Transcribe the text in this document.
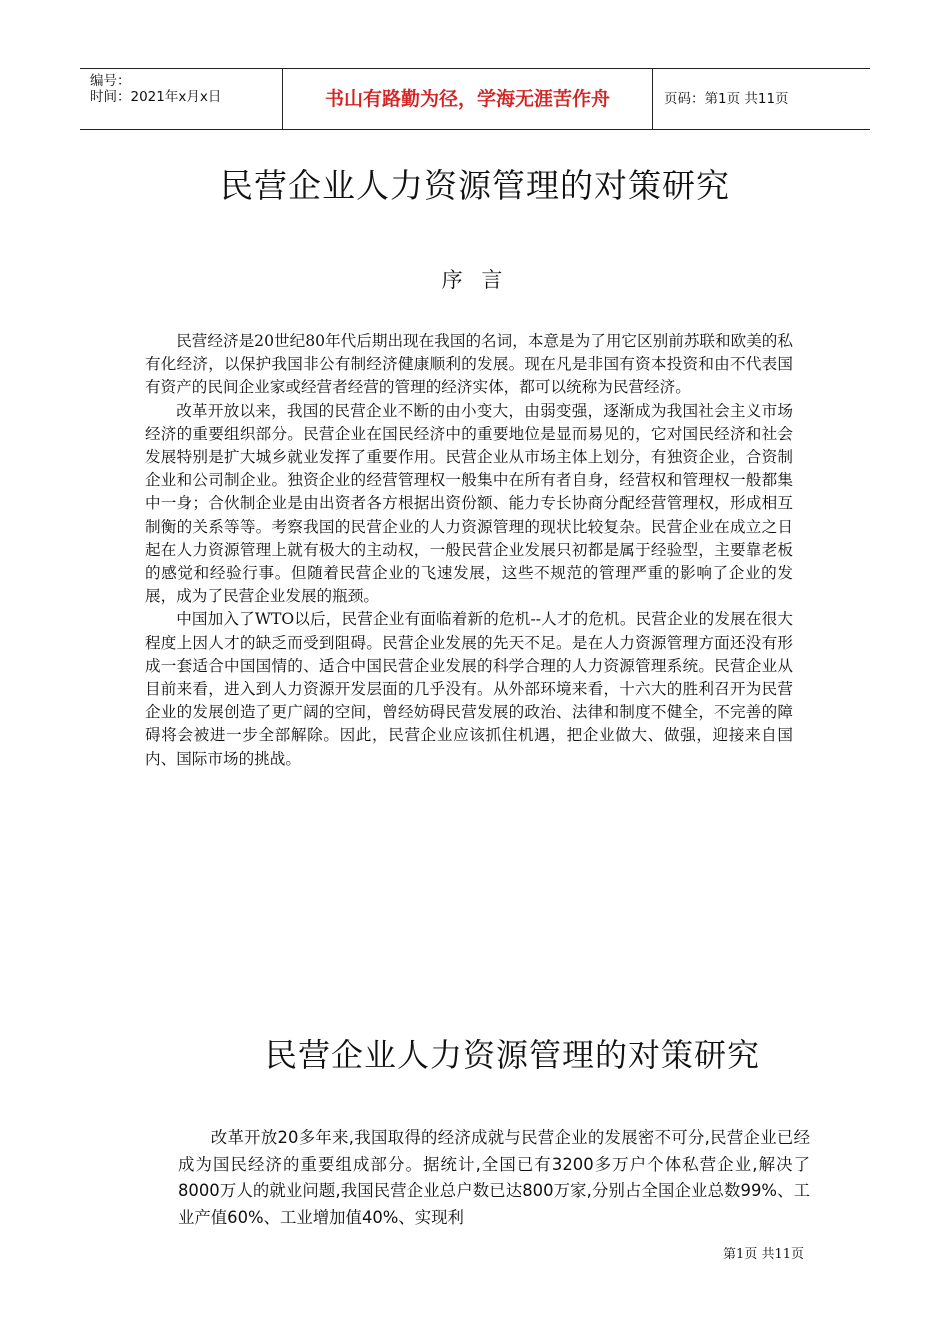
编号：
时间：2021年x月x日	书山有路勤为径，学海无涯苦作舟	页码：第1页 共11页
民营企业人力资源管理的对策研究
序 言

民营经济是20世纪80年代后期出现在我国的名词，本意是为了用它区别前苏联和欧美的私有化经济，以保护我国非公有制经济健康顺利的发展。现在凡是非国有资本投资和由不代表国有资产的民间企业家或经营者经营的管理的经济实体，都可以统称为民营经济。

改革开放以来，我国的民营企业不断的由小变大，由弱变强，逐渐成为我国社会主义市场经济的重要组织部分。民营企业在国民经济中的重要地位是显而易见的，它对国民经济和社会发展特别是扩大城乡就业发挥了重要作用。民营企业从市场主体上划分，有独资企业，合资制企业和公司制企业。独资企业的经营管理权一般集中在所有者自身，经营权和管理权一般都集中一身；合伙制企业是由出资者各方根据出资份额、能力专长协商分配经营管理权，形成相互制衡的关系等等。考察我国的民营企业的人力资源管理的现状比较复杂。民营企业在成立之日起在人力资源管理上就有极大的主动权，一般民营企业发展只初都是属于经验型，主要靠老板的感觉和经验行事。但随着民营企业的飞速发展，这些不规范的管理严重的影响了企业的发展，成为了民营企业发展的瓶颈。

中国加入了WTO以后，民营企业有面临着新的危机--人才的危机。民营企业的发展在很大程度上因人才的缺乏而受到阻碍。民营企业发展的先天不足。是在人力资源管理方面还没有形成一套适合中国国情的、适合中国民营企业发展的科学合理的人力资源管理系统。民营企业从目前来看，进入到人力资源开发层面的几乎没有。从外部环境来看，十六大的胜利召开为民营企业的发展创造了更广阔的空间，曾经妨碍民营发展的政治、法律和制度不健全，不完善的障碍将会被进一步全部解除。因此，民营企业应该抓住机遇，把企业做大、做强，迎接来自国内、国际市场的挑战。

民营企业人力资源管理的对策研究

改革开放20多年来,我国取得的经济成就与民营企业的发展密不可分,民营企业已经成为国民经济的重要组成部分。据统计,全国已有3200多万户个体私营企业,解决了8000万人的就业问题,我国民营企业总户数已达800万家,分别占全国企业总数99%、工业产值60%、工业增加值40%、实现利

第1页 共11页
